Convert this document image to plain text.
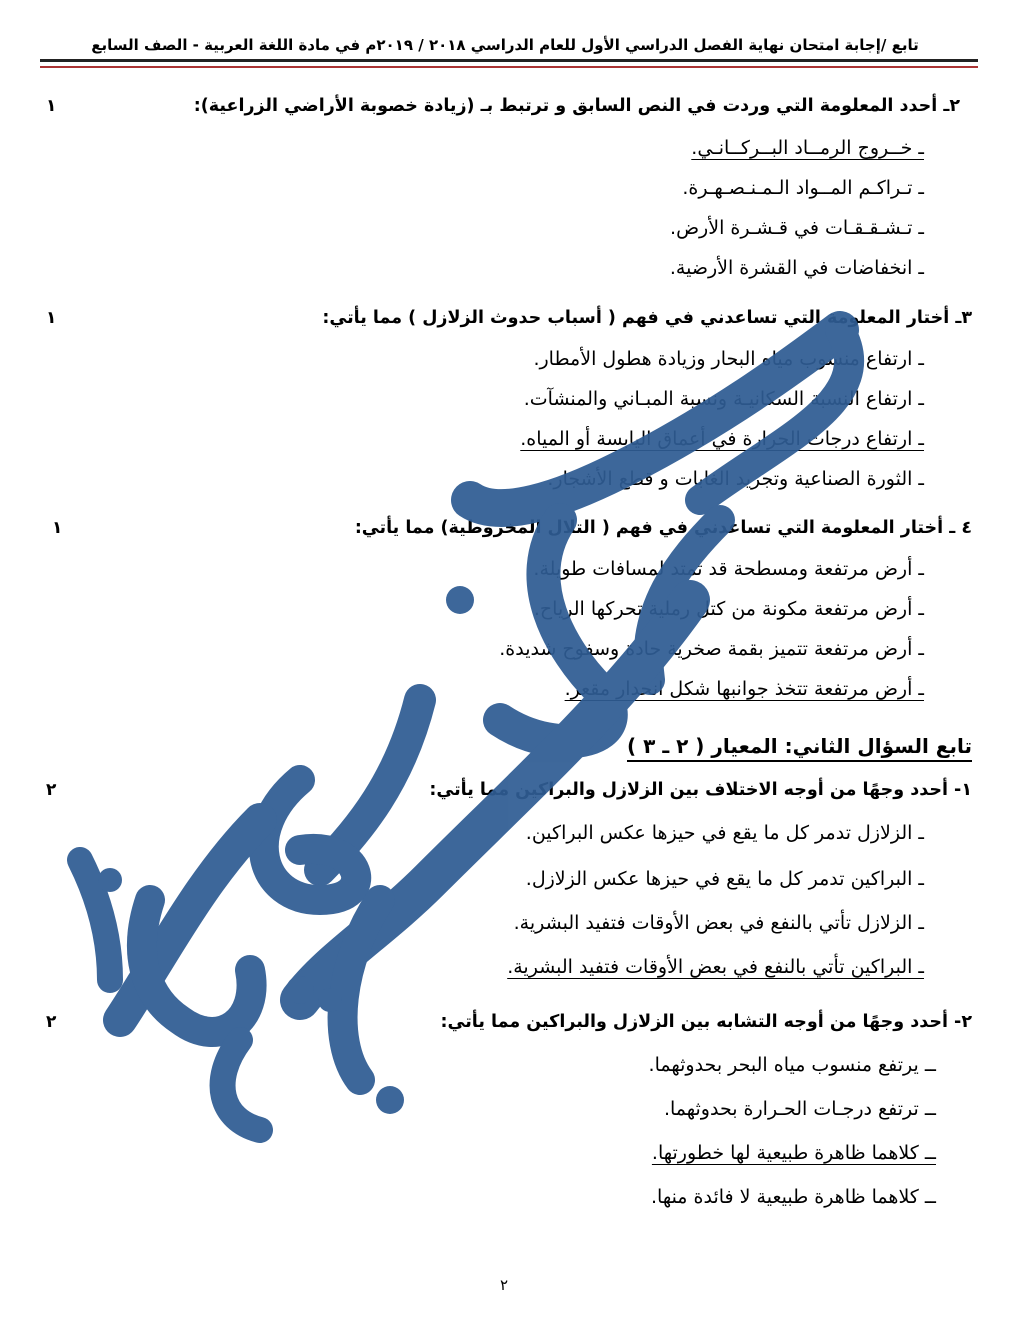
تابع /إجابة امتحان نهاية الفصل الدراسي الأول للعام الدراسي ٢٠١٨ / ٢٠١٩م في مادة اللغة العربية - الصف السابع
٢ـ أحدد المعلومة التي وردت في النص السابق و ترتبط بـ (زيادة خصوبة الأراضي الزراعية):
١
ـ خــروج الرمــاد البــركــانـي.
ـ تـراكـم المــواد الـمـنـصـهـرة.
ـ تـشـقـقـات في قـشـرة الأرض.
ـ انخفاضات في القشرة الأرضية.
٣ـ أختار المعلومة التي تساعدني في فهم ( أسباب حدوث الزلازل ) مما يأتي:
١
ـ ارتفاع منسوب مياه البحار وزيادة هطول الأمطار.
ـ ارتفاع النسبة السكانيـة ونسبة المبـاني والمنشآت.
ـ ارتفاع درجات الحرارة في أعماق اليابسة أو المياه.
ـ الثورة الصناعية وتجريد الغابات و قطع الأشجار.
٤ ـ أختار المعلومة التي تساعدني في فهم ( التلال المخروطية) مما يأتي:
١
ـ أرض مرتفعة ومسطحة قد تمتد لمسافات طويلة.
ـ أرض مرتفعة مكونة من كتل رملية تحركها الرياح.
ـ أرض مرتفعة تتميز بقمة صخرية حادة وسفوح شديدة.
ـ أرض مرتفعة تتخذ جوانبها شكل انحدار مقعر.
تابع السؤال الثاني: المعيار ( ٢ ـ ٣ )
١- أحدد وجهًا من أوجه الاختلاف بين الزلازل والبراكين مما يأتي:
٢
ـ الزلازل تدمر كل ما يقع في حيزها عكس البراكين.
ـ البراكين تدمر كل ما يقع في حيزها عكس الزلازل.
ـ الزلازل تأتي بالنفع في بعض الأوقات فتفيد البشرية.
ـ البراكين تأتي بالنفع في بعض الأوقات فتفيد البشرية.
٢- أحدد وجهًا من أوجه التشابه بين الزلازل والبراكين مما يأتي:
٢
ــ يرتفع منسوب مياه البحر بحدوثهما.
ــ ترتفع درجـات الحـرارة بحدوثهما.
ــ كلاهما ظاهرة طبيعية لها خطورتها.
ــ كلاهما ظاهرة طبيعية لا فائدة منها.
٢
